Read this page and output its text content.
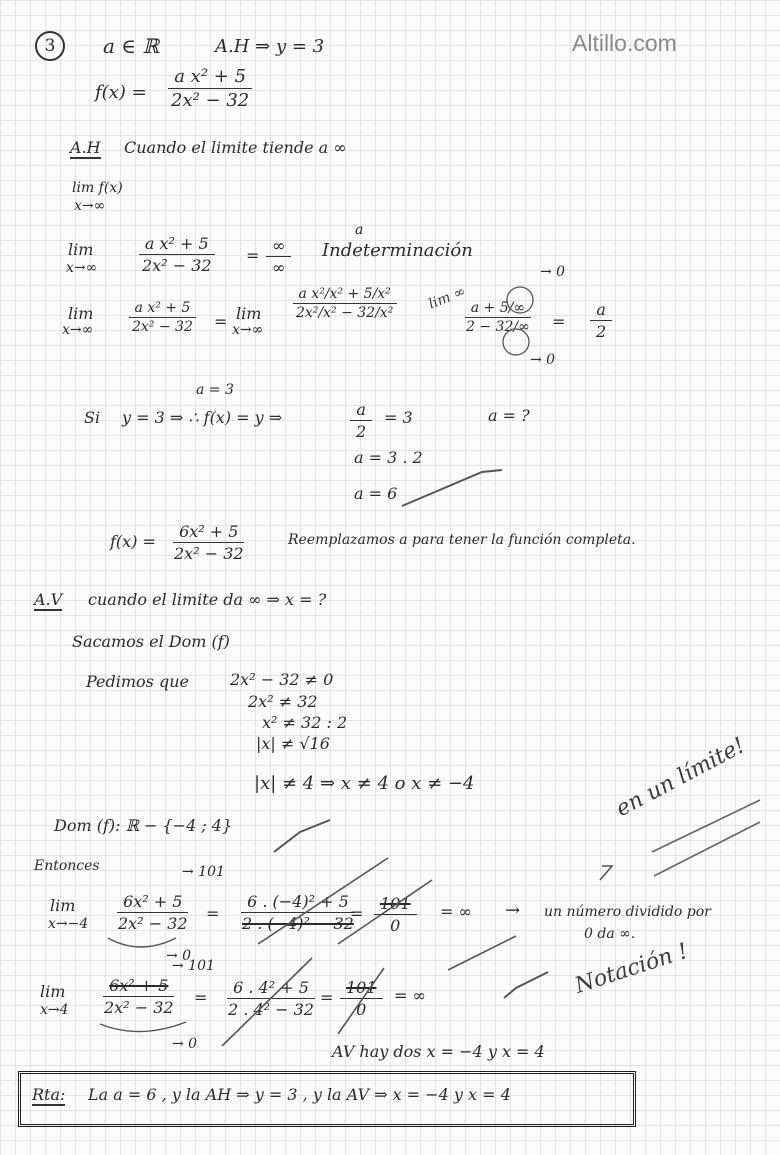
Altillo.com
3	a ∈ ℝ	A.H ⇒ y = 3
$f(x) = \frac{\text{a x² + 5}}{\text{2x² − 32}}$
A.H Cuando el limite tiende a ∞
lim f(x)
x→∞
lim
$x\to\infty \frac{\text{a x² + 5}}{\text{2x² − 32}}$ =
∞
∞
a
Indeterminación
lim
$x\to\infty \frac{\text{a x² + 5}}{\text{2x² − 32}} = \lim$
x→∞
$\frac{\text{a x²/x² + 5/x²}}{\text{2x²/x² − 32/x²}}$ lim ∞
$\frac{a + 5/\infty}{2 - 32/\infty}$
→ 0
→ 0
= $\frac{a}{2}$
Si y = 3 ⇒ ∴ f(x) = y ⇒
a = 3
$\frac{a}{2} = 3$	a = ?
a = 3 . 2
a = 6
$f(x) = \frac{\text{6x² + 5}}{\text{2x² − 32}}$	Reemplazamos a para tener la función completa.
A.V cuando el limite da ∞ ⇒ x = ?
Sacamos el Dom (f)
Pedimos que	2x² − 32 ≠ 0
2x² ≠ 32
x² ≠ 32 : 2
|x| ≠ √16
|x| ≠ 4 ⇒ x ≠ 4 o x ≠ −4
Dom (f): ℝ − {−4 ; 4}
Entonces
lim
$x\to-4 \frac{\text{6x² + 5}}{\text{2x² − 32}}$
→ 101
→ 0
= $\frac{\text{6 . (−4)² + 5}}{\text{2 . (−4)² − 32}}$
= $\frac{101}{0}$ = ∞ → un número dividido por
0 da ∞.
lim
$x\to 4 \frac{\text{6x² + 5}}{\text{2x² − 32}}$
→ 101
→ 0
= $\frac{\text{6 . 4² + 5}}{\text{2 . 4² − 32}} = \frac{101}{0}$ = ∞
AV hay dos x = −4 y x = 4
en un límite!
Notación !
Rta: La a = 6 , y la AH ⇒ y = 3 , y la AV ⇒ x = −4 y x = 4
